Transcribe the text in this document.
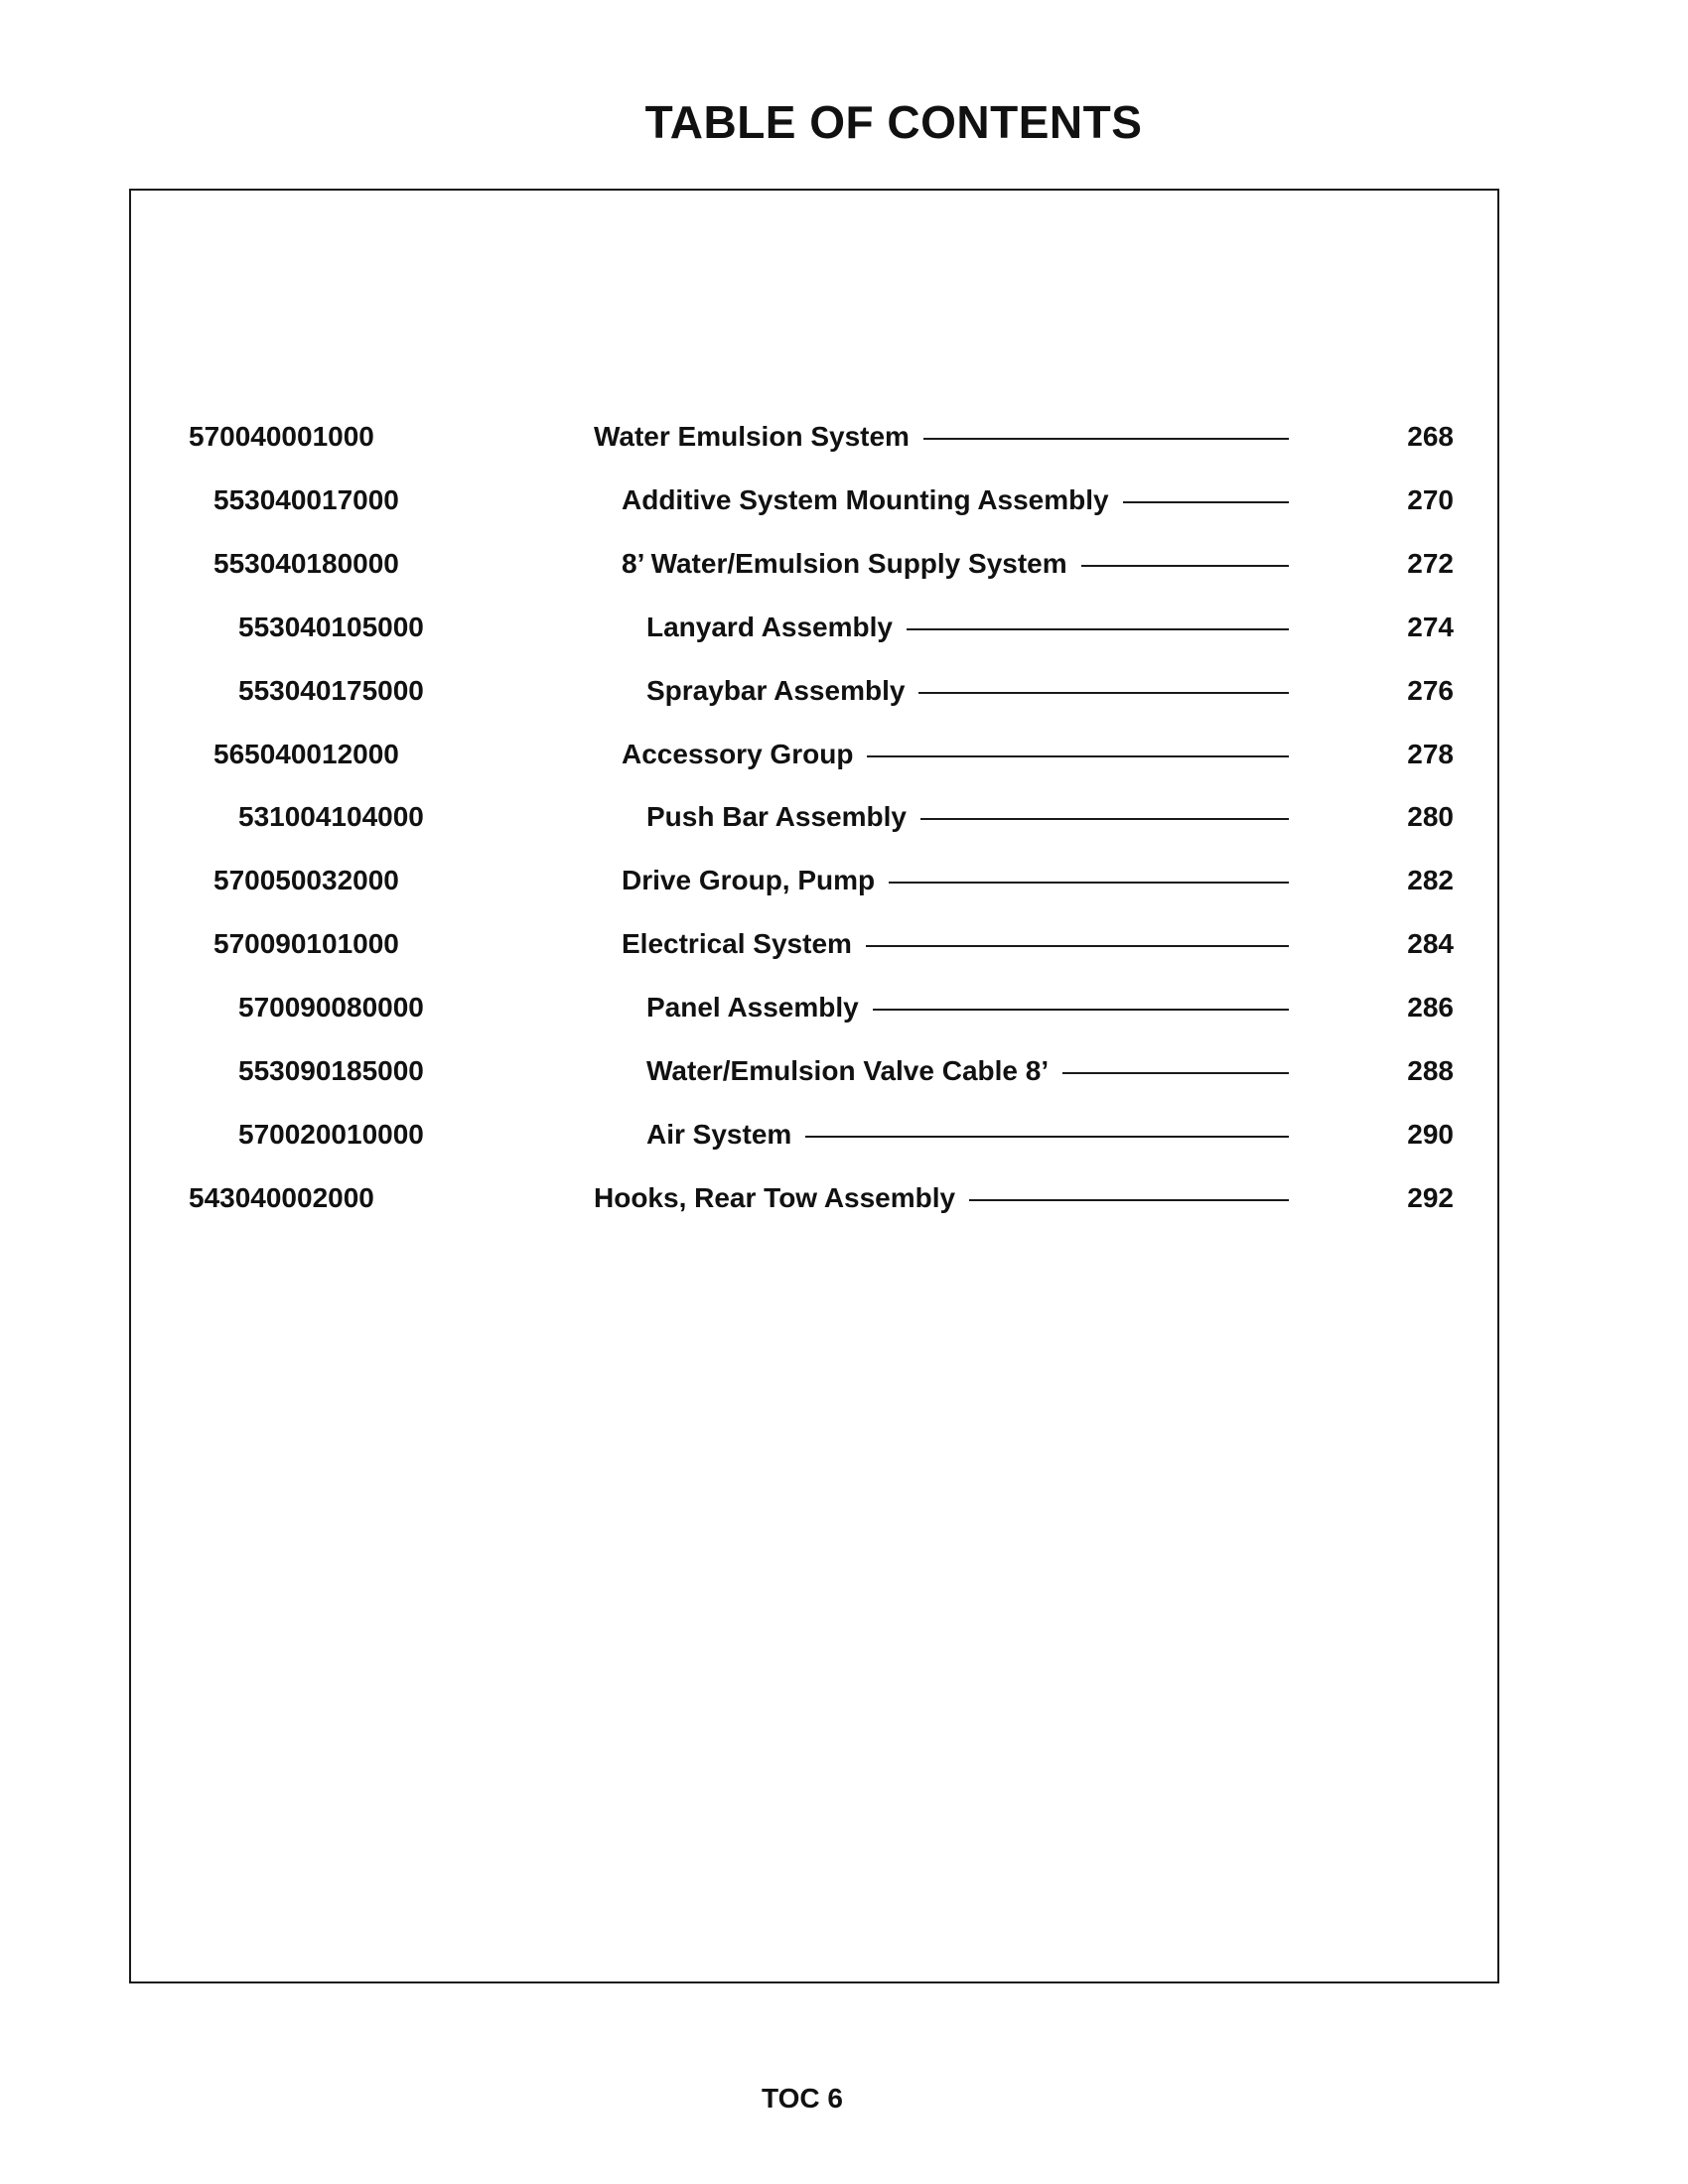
TABLE OF CONTENTS
570040001000	Water Emulsion System	268
553040017000	Additive System Mounting Assembly	270
553040180000	8’ Water/Emulsion Supply System	272
553040105000	Lanyard Assembly	274
553040175000	Spraybar Assembly	276
565040012000	Accessory Group	278
531004104000	Push Bar Assembly	280
570050032000	Drive Group, Pump	282
570090101000	Electrical System	284
570090080000	Panel Assembly	286
553090185000	Water/Emulsion Valve Cable 8’	288
570020010000	Air System	290
543040002000	Hooks, Rear Tow Assembly	292
TOC 6
